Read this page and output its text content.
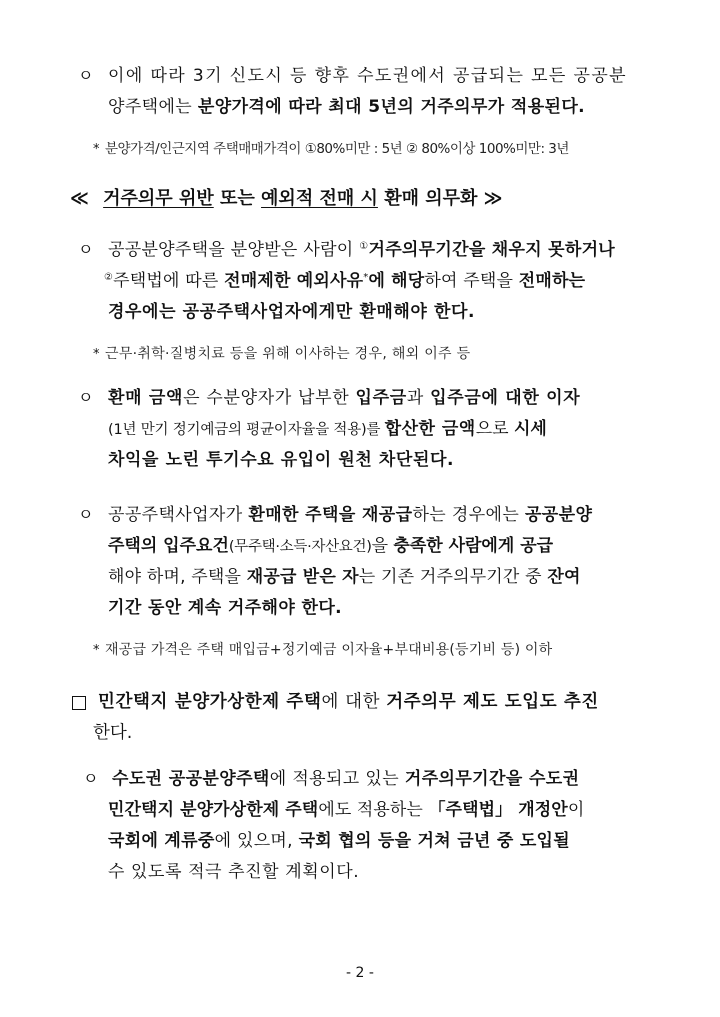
ㅇ 이에 따라 3기 신도시 등 향후 수도권에서 공급되는 모든 공공분
양주택에는 분양가격에 따라 최대 5년의 거주의무가 적용된다.
* 분양가격/인근지역 주택매매가격이 ①80%미만 : 5년 ② 80%이상 100%미만: 3년
≪ 거주의무 위반 또는 예외적 전매 시 환매 의무화 ≫
ㅇ 공공분양주택을 분양받은 사람이 ①거주의무기간을 채우지 못하거나
②주택법에 따른 전매제한 예외사유*에 해당하여 주택을 전매하는
경우에는 공공주택사업자에게만 환매해야 한다.
* 근무·취학·질병치료 등을 위해 이사하는 경우, 해외 이주 등
ㅇ 환매 금액은 수분양자가 납부한 입주금과 입주금에 대한 이자
(1년 만기 정기예금의 평균이자율을 적용)를 합산한 금액으로 시세
차익을 노린 투기수요 유입이 원천 차단된다.
ㅇ 공공주택사업자가 환매한 주택을 재공급하는 경우에는 공공분양
주택의 입주요건(무주택·소득·자산요건)을 충족한 사람에게 공급
해야 하며, 주택을 재공급 받은 자는 기존 거주의무기간 중 잔여
기간 동안 계속 거주해야 한다.
* 재공급 가격은 주택 매입금+정기예금 이자율+부대비용(등기비 등) 이하
민간택지 분양가상한제 주택에 대한 거주의무 제도 도입도 추진
한다.
ㅇ 수도권 공공분양주택에 적용되고 있는 거주의무기간을 수도권
민간택지 분양가상한제 주택에도 적용하는 「주택법」 개정안이
국회에 계류중에 있으며, 국회 협의 등을 거쳐 금년 중 도입될
수 있도록 적극 추진할 계획이다.
- 2 -
